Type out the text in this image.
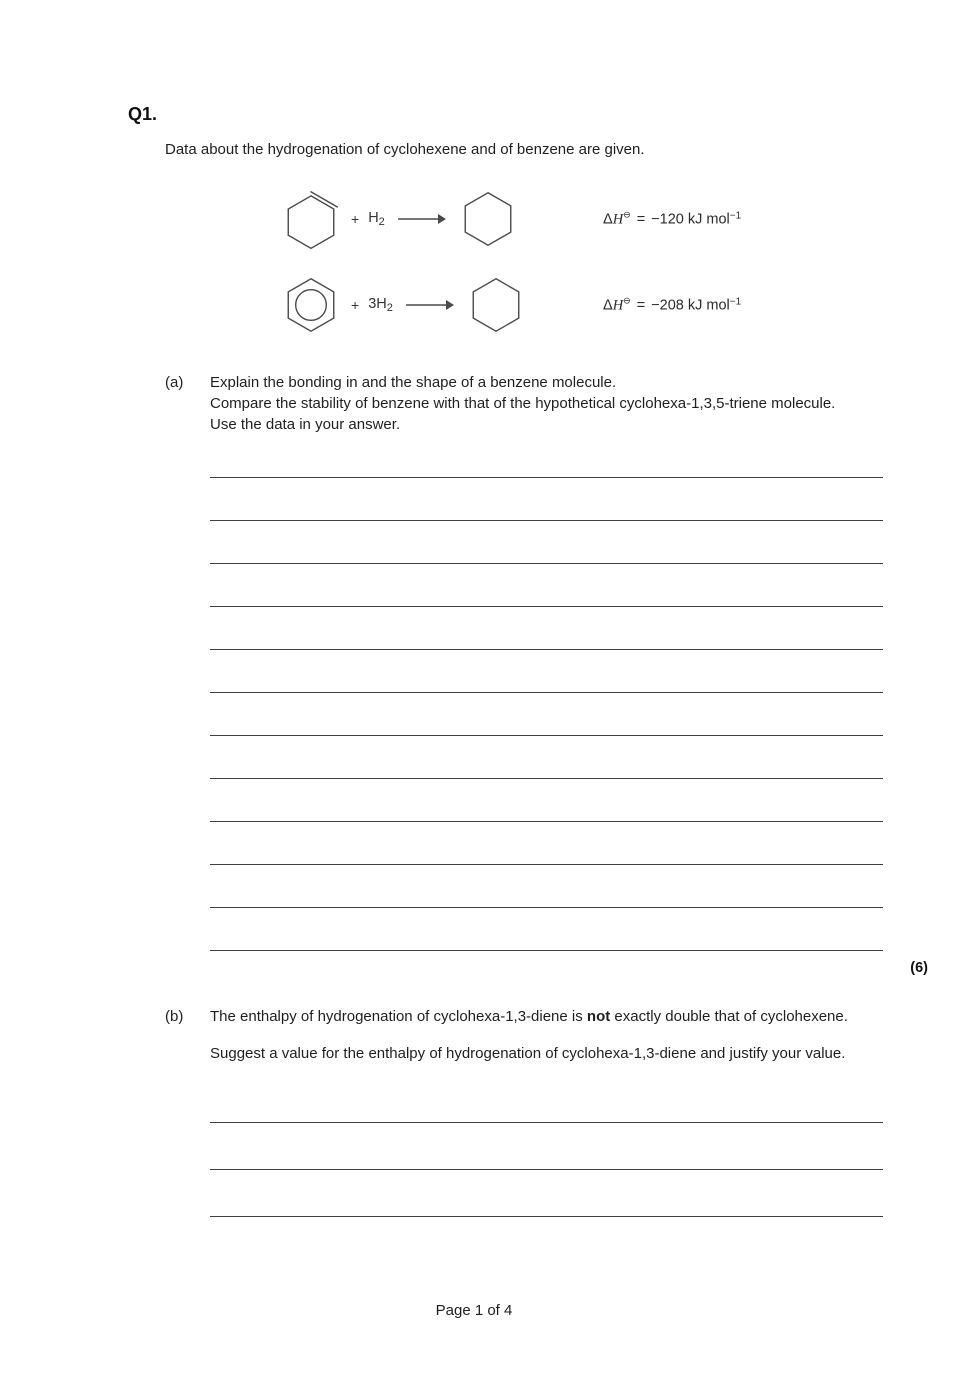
Q1.

Data about the hydrogenation of cyclohexene and of benzene are given.

+ $H_2$ →	ΔH⊖ = −120 kJ mol$^{-1}$
+ $3H_2$ →	ΔH⊖ = −208 kJ mol$^{-1}$
(a)	Explain the bonding in and the shape of a benzene molecule.

Compare the stability of benzene with that of the hypothetical cyclohexa-1,3,5-triene molecule.

Use the data in your answer.

(6)
(b)	The enthalpy of hydrogenation of cyclohexa-1,3-diene is not exactly double that of cyclohexene.

Suggest a value for the enthalpy of hydrogenation of cyclohexa-1,3-diene and justify your value.

Page 1 of 4
